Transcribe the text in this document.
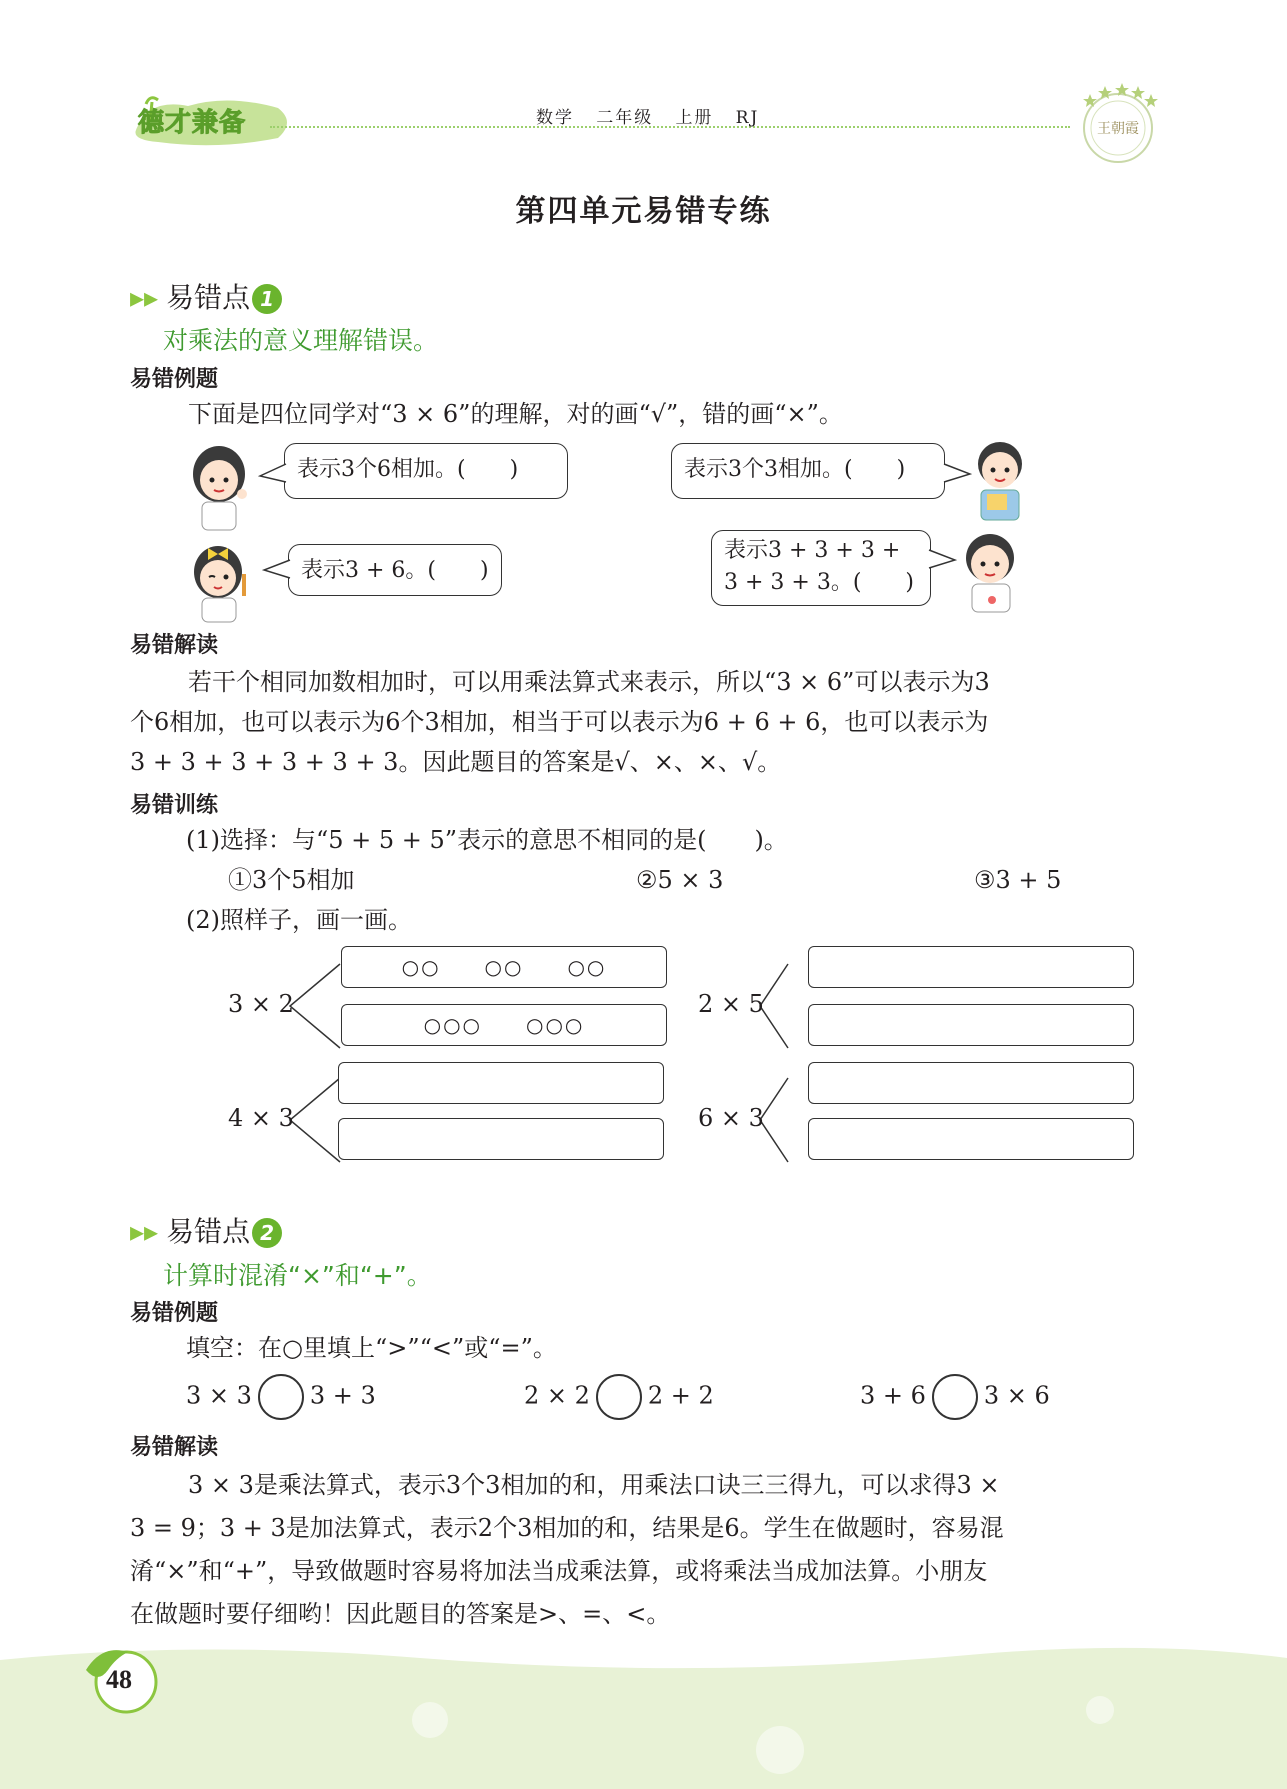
德才兼备	数学 二年级 上册 RJ
王朝霞
第四单元易错专练
▸▸ 易错点 1
对乘法的意义理解错误。
易错例题
下面是四位同学对“3 × 6”的理解，对的画“√”，错的画“×”。
表示3个6相加。(　　)	表示3个3相加。(　　)
表示3 + 6。(　　)
表示3 + 3 + 3 + 3 + 3 + 3。(　　)
易错解读
若干个相同加数相加时，可以用乘法算式来表示，所以“3 × 6”可以表示为3
个6相加，也可以表示为6个3相加，相当于可以表示为6 + 6 + 6，也可以表示为
3 + 3 + 3 + 3 + 3 + 3。因此题目的答案是√、×、×、√。
易错训练
(1)选择：与“5 + 5 + 5”表示的意思不相同的是(　　)。
①3个5相加	②5 × 3	③3 + 5
(2)照样子，画一画。
3 × 2
○○　　○○　　○○
○○○　　○○○
2 × 5
4 × 3	6 × 3
▸▸ 易错点 2
计算时混淆“×”和“+”。
易错例题
填空：在○里填上“>”“<”或“=”。
3 × 3 3 + 3	2 × 2 2 + 2	3 + 6 3 × 6
易错解读
3 × 3是乘法算式，表示3个3相加的和，用乘法口诀三三得九，可以求得3 ×
3 = 9；3 + 3是加法算式，表示2个3相加的和，结果是6。学生在做题时，容易混
淆“×”和“+”，导致做题时容易将加法当成乘法算，或将乘法当成加法算。小朋友
在做题时要仔细哟！因此题目的答案是>、=、<。
48
